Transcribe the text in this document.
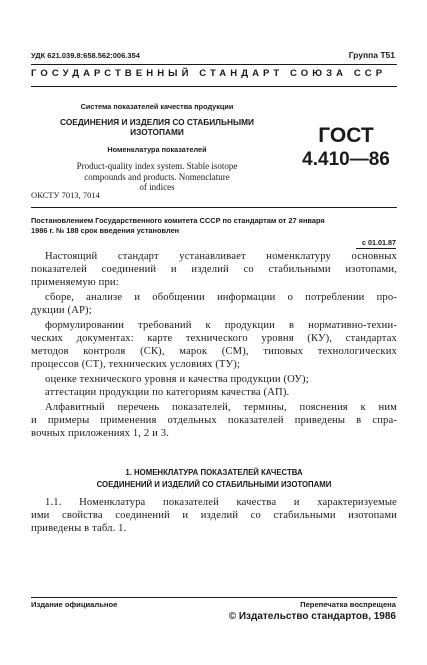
УДК 621.039.8:658.562:006.354	Группа Т51
ГОСУДАРСТВЕННЫЙ СТАНДАРТ СОЮЗА ССР
Система показателей качества продукции
СОЕДИНЕНИЯ И ИЗДЕЛИЯ СО СТАБИЛЬНЫМИ
ИЗОТОПАМИ
Номенклатура показателей
Product-quality index system. Stable isotope
compounds and products. Nomenclature
of indices
ОКСТУ 7013, 7014
ГОСТ
4.410—86
Постановлением Государственного комитета СССР по стандартам от 27 января
1986 г. № 188 срок введения установлен
с 01.01.87
Настоящий стандарт устанавливает номенклатуру основных
показателей соединений и изделий со стабильными изотопами,
применяемую при:
сборе, анализе и обобщении информации о потреблении про-
дукции (АР);
формулировании требований к продукции в нормативно-техни-
ческих документах: карте технического уровня (КУ), стандартах
методов контроля (СК), марок (СМ), типовых технологических
процессов (СТ), технических условиях (ТУ);
оценке технического уровня и качества продукции (ОУ);
аттестации продукции по категориям качества (АП).
Алфавитный перечень показателей, термины, пояснения к ним
и примеры применения отдельных показателей приведены в спра-
вочных приложениях 1, 2 и 3.
1. НОМЕНКЛАТУРА ПОКАЗАТЕЛЕЙ КАЧЕСТВА
СОЕДИНЕНИЙ И ИЗДЕЛИЙ СО СТАБИЛЬНЫМИ ИЗОТОПАМИ
1.1. Номенклатура показателей качества и характеризуемые
ими свойства соединений и изделий со стабильными изотопами
приведены в табл. 1.
Издание официальное	Перепечатка воспрещена
© Издательство стандартов, 1986
